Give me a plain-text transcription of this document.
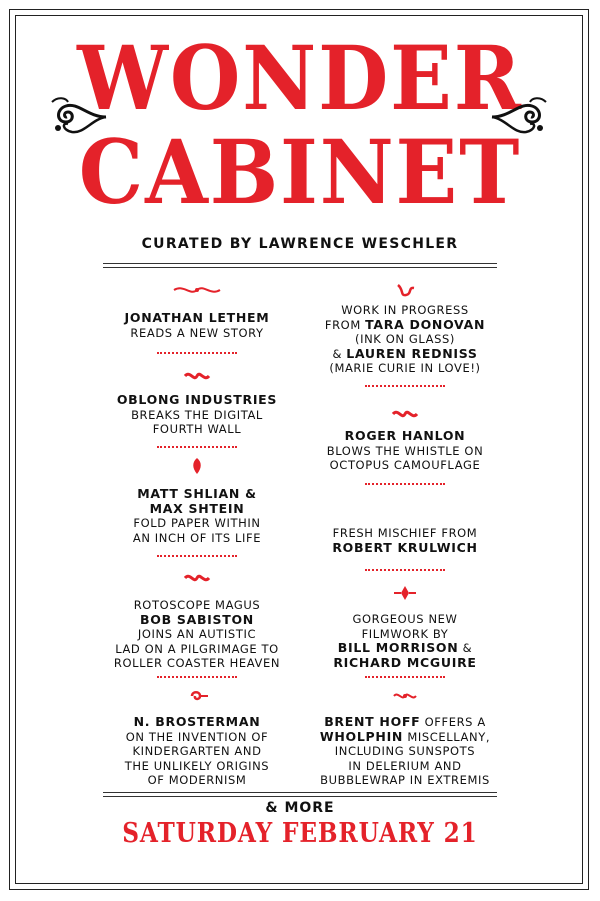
WONDER
CABINET
CURATED BY LAWRENCE WESCHLER
JONATHAN LETHEM
READS A NEW STORY
OBLONG INDUSTRIES
BREAKS THE DIGITAL
FOURTH WALL
MATT SHLIAN &
MAX SHTEIN
FOLD PAPER WITHIN
AN INCH OF ITS LIFE
ROTOSCOPE MAGUS
BOB SABISTON
JOINS AN AUTISTIC
LAD ON A PILGRIMAGE TO
ROLLER COASTER HEAVEN
N. BROSTERMAN
ON THE INVENTION OF
KINDERGARTEN AND
THE UNLIKELY ORIGINS
OF MODERNISM
WORK IN PROGRESS
FROM TARA DONOVAN
(INK ON GLASS)
& LAUREN REDNISS
(MARIE CURIE IN LOVE!)
ROGER HANLON
BLOWS THE WHISTLE ON
OCTOPUS CAMOUFLAGE
FRESH MISCHIEF FROM
ROBERT KRULWICH
GORGEOUS NEW
FILMWORK BY
BILL MORRISON &
RICHARD MCGUIRE
BRENT HOFF OFFERS A
WHOLPHIN MISCELLANY,
INCLUDING SUNSPOTS
IN DELERIUM AND
BUBBLEWRAP IN EXTREMIS
& MORE
SATURDAY FEBRUARY 21
